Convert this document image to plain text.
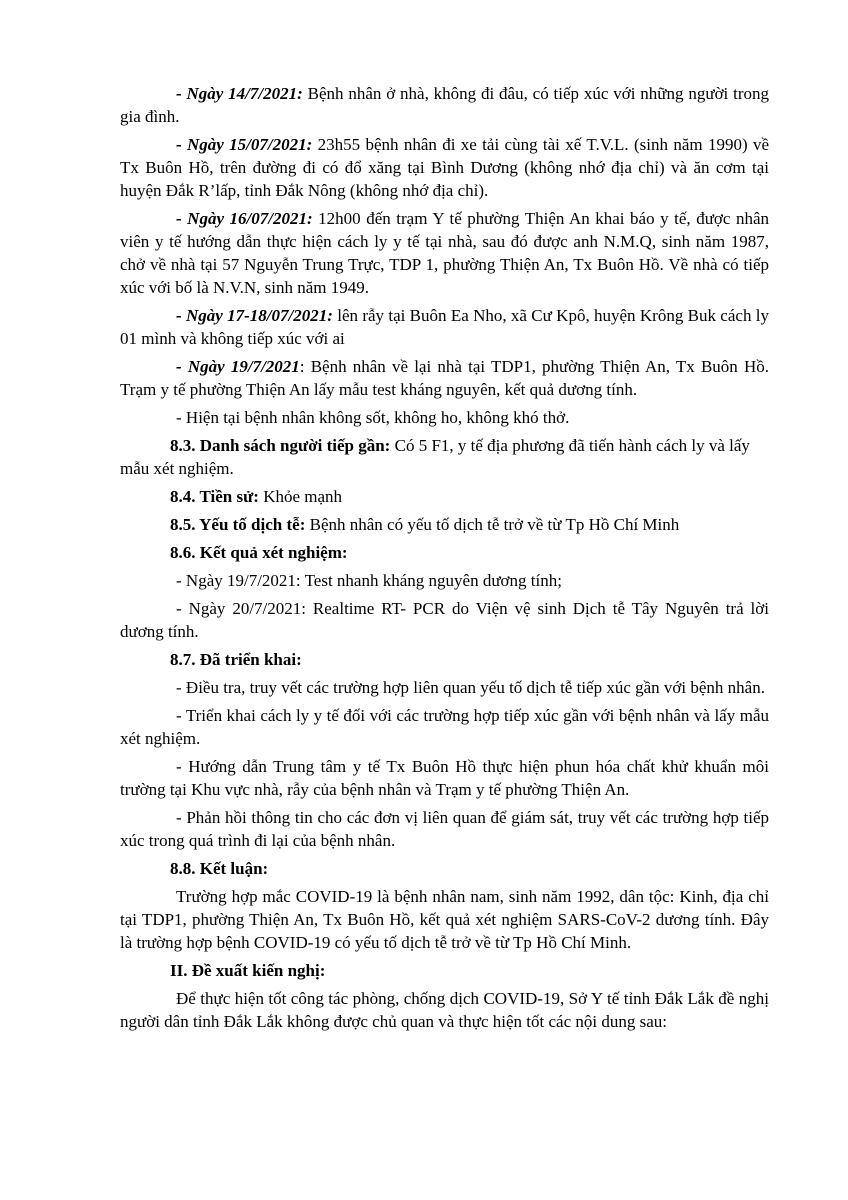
- Ngày 14/7/2021: Bệnh nhân ở nhà, không đi đâu, có tiếp xúc với những người trong gia đình.

- Ngày 15/07/2021: 23h55 bệnh nhân đi xe tải cùng tài xế T.V.L. (sinh năm 1990) về Tx Buôn Hồ, trên đường đi có đổ xăng tại Bình Dương (không nhớ địa chỉ) và ăn cơm tại huyện Đắk R’lấp, tỉnh Đắk Nông (không nhớ địa chỉ).

- Ngày 16/07/2021: 12h00 đến trạm Y tế phường Thiện An khai báo y tế, được nhân viên y tế hướng dẫn thực hiện cách ly y tế tại nhà, sau đó được anh N.M.Q, sinh năm 1987, chở về nhà tại 57 Nguyễn Trung Trực, TDP 1, phường Thiện An, Tx Buôn Hồ. Về nhà có tiếp xúc với bố là N.V.N, sinh năm 1949.

- Ngày 17-18/07/2021: lên rẫy tại Buôn Ea Nho, xã Cư Kpô, huyện Krông Buk cách ly 01 mình và không tiếp xúc với ai

- Ngày 19/7/2021: Bệnh nhân về lại nhà tại TDP1, phường Thiện An, Tx Buôn Hồ. Trạm y tế phường Thiện An lấy mẫu test kháng nguyên, kết quả dương tính.

- Hiện tại bệnh nhân không sốt, không ho, không khó thở.

8.3. Danh sách người tiếp gần: Có 5 F1, y tế địa phương đã tiến hành cách ly và lấy mẫu xét nghiệm.

8.4. Tiền sử: Khỏe mạnh

8.5. Yếu tố dịch tễ: Bệnh nhân có yếu tố dịch tễ trở về từ Tp Hồ Chí Minh

8.6. Kết quả xét nghiệm:

- Ngày 19/7/2021: Test nhanh kháng nguyên dương tính;

- Ngày 20/7/2021: Realtime RT- PCR do Viện vệ sinh Dịch tễ Tây Nguyên trả lời dương tính.

8.7. Đã triển khai:

- Điều tra, truy vết các trường hợp liên quan yếu tố dịch tễ tiếp xúc gần với bệnh nhân.

- Triển khai cách ly y tế đối với các trường hợp tiếp xúc gần với bệnh nhân và lấy mẫu xét nghiệm.

- Hướng dẫn Trung tâm y tế Tx Buôn Hồ thực hiện phun hóa chất khử khuẩn môi trường tại Khu vực nhà, rẫy của bệnh nhân và Trạm y tế phường Thiện An.

- Phản hồi thông tin cho các đơn vị liên quan để giám sát, truy vết các trường hợp tiếp xúc trong quá trình đi lại của bệnh nhân.

8.8. Kết luận:

Trường hợp mắc COVID-19 là bệnh nhân nam, sinh năm 1992, dân tộc: Kinh, địa chỉ tại TDP1, phường Thiện An, Tx Buôn Hồ, kết quả xét nghiệm SARS-CoV-2 dương tính. Đây là trường hợp bệnh COVID-19 có yếu tố dịch tễ trở về từ Tp Hồ Chí Minh.

II. Đề xuất kiến nghị:

Để thực hiện tốt công tác phòng, chống dịch COVID-19, Sở Y tế tỉnh Đắk Lắk đề nghị người dân tỉnh Đắk Lắk không được chủ quan và thực hiện tốt các nội dung sau:
